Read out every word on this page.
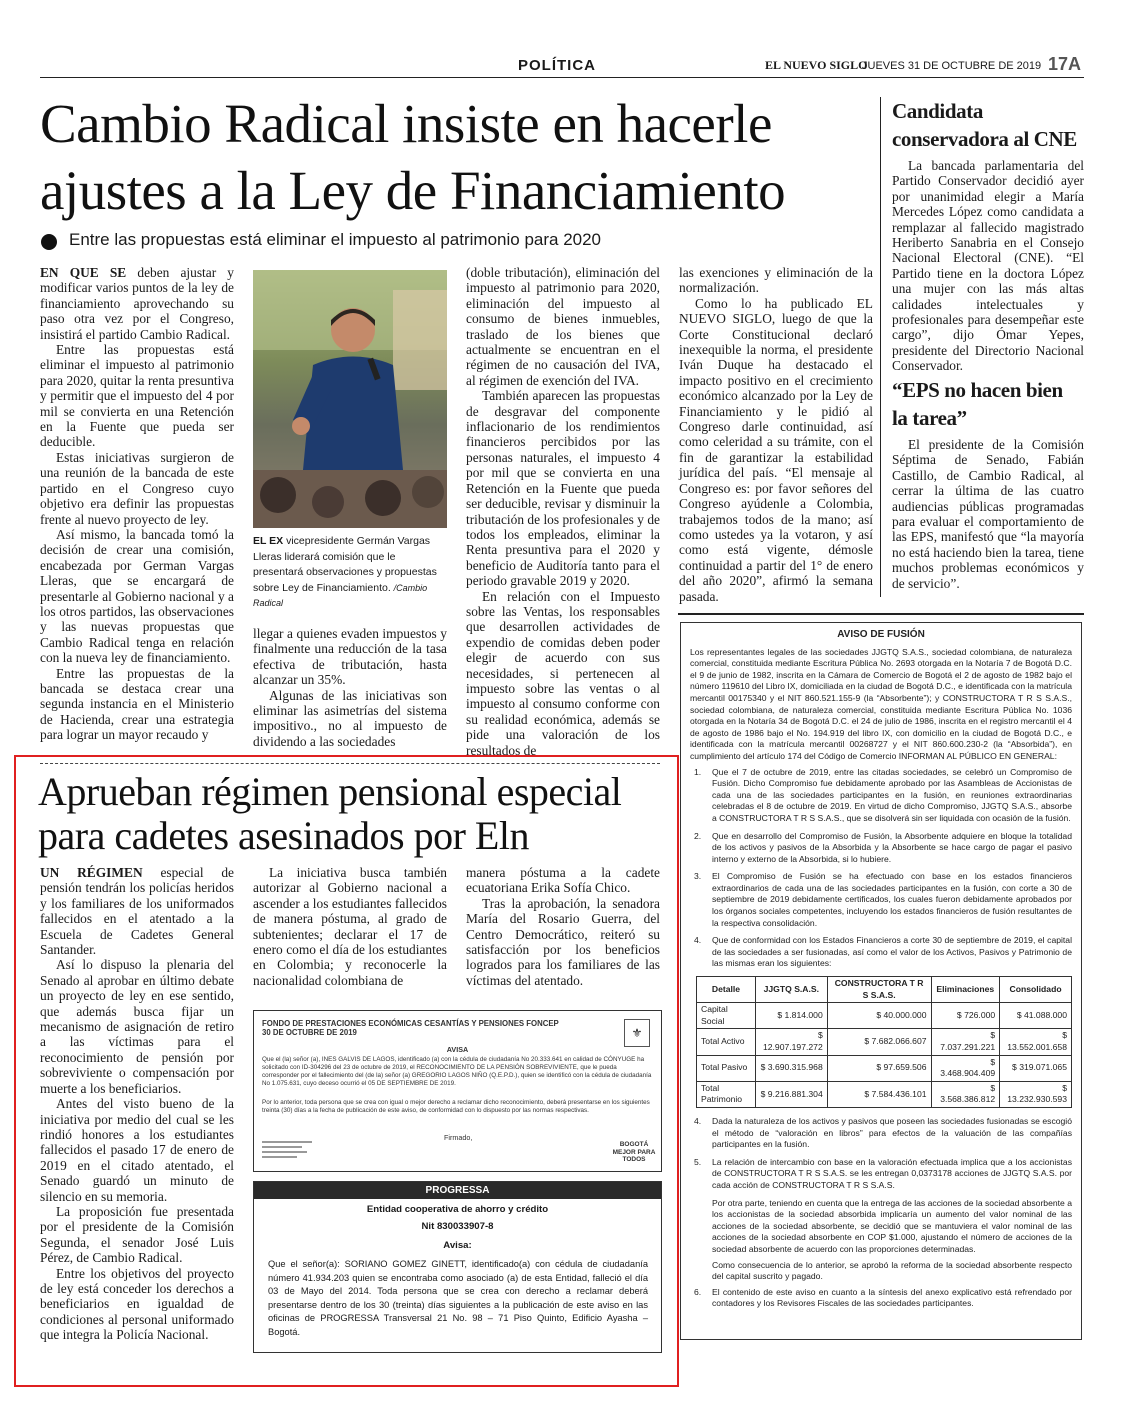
POLÍTICA	EL NUEVO SIGLO
JUEVES 31 DE OCTUBRE DE 2019 17A
Cambio Radical insiste en hacerle ajustes a la Ley de Financiamiento
Entre las propuestas está eliminar el impuesto al patrimonio para 2020

EN QUE SE deben ajustar y modificar varios puntos de la ley de financiamiento aprovechando su paso otra vez por el Congreso, insistirá el partido Cambio Radical.

Entre las propuestas está eliminar el impuesto al patrimonio para 2020, quitar la renta presuntiva y permitir que el impuesto del 4 por mil se convierta en una Retención en la Fuente que pueda ser deducible.

Estas iniciativas surgieron de una reunión de la bancada de este partido en el Congreso cuyo objetivo era definir las propuestas frente al nuevo proyecto de ley.

Así mismo, la bancada tomó la decisión de crear una comisión, encabezada por German Vargas Lleras, que se encargará de presentarle al Gobierno nacional y a los otros partidos, las observaciones y las nuevas propuestas que Cambio Radical tenga en relación con la nueva ley de financiamiento.

Entre las propuestas de la bancada se destaca crear una segunda instancia en el Ministerio de Hacienda, crear una estrategia para lograr un mayor recaudo y

EL EX vicepresidente Germán Vargas Lleras liderará comisión que le presentará observaciones y propuestas sobre Ley de Financiamiento. /Cambio Radical

llegar a quienes evaden impuestos y finalmente una reducción de la tasa efectiva de tributación, hasta alcanzar un 35%.

Algunas de las iniciativas son eliminar las asimetrías del sistema impositivo., no al impuesto de dividendo a las sociedades

(doble tributación), eliminación del impuesto al patrimonio para 2020, eliminación del impuesto al consumo de bienes inmuebles, traslado de los bienes que actualmente se encuentran en el régimen de no causación del IVA, al régimen de exención del IVA.

También aparecen las propuestas de desgravar del componente inflacionario de los rendimientos financieros percibidos por las personas naturales, el impuesto 4 por mil que se convierta en una Retención en la Fuente que pueda ser deducible, revisar y disminuir la tributación de los profesionales y de todos los empleados, eliminar la Renta presuntiva para el 2020 y beneficio de Auditoría tanto para el periodo gravable 2019 y 2020.

En relación con el Impuesto sobre las Ventas, los responsables que desarrollen actividades de expendio de comidas deben poder elegir de acuerdo con sus necesidades, si pertenecen al impuesto sobre las ventas o al impuesto al consumo conforme con su realidad económica, además se pide una valoración de los resultados de

las exenciones y eliminación de la normalización.

Como lo ha publicado EL NUEVO SIGLO, luego de que la Corte Constitucional declaró inexequible la norma, el presidente Iván Duque ha destacado el impacto positivo en el crecimiento económico alcanzado por la Ley de Financiamiento y le pidió al Congreso darle continuidad, así como celeridad a su trámite, con el fin de garantizar la estabilidad jurídica del país. “El mensaje al Congreso es: por favor señores del Congreso ayúdenle a Colombia, trabajemos todos de la mano; así como ustedes ya la votaron, y así como está vigente, démosle continuidad a partir del 1° de enero del año 2020”, afirmó la semana pasada.

Candidata conservadora al CNE

La bancada parlamentaria del Partido Conservador decidió ayer por unanimidad elegir a María Mercedes López como candidata a remplazar al fallecido magistrado Heriberto Sanabria en el Consejo Nacional Electoral (CNE). “El Partido tiene en la doctora López una mujer con las más altas calidades intelectuales y profesionales para desempeñar este cargo”, dijo Ómar Yepes, presidente del Directorio Nacional Conservador.

“EPS no hacen bien la tarea”

El presidente de la Comisión Séptima de Senado, Fabián Castillo, de Cambio Radical, al cerrar la última de las cuatro audiencias públicas programadas para evaluar el comportamiento de las EPS, manifestó que “la mayoría no está haciendo bien la tarea, tiene muchos problemas económicos y de servicio”.

AVISO DE FUSIÓN

Los representantes legales de las sociedades JJGTQ S.A.S., sociedad colombiana, de naturaleza comercial, constituida mediante Escritura Pública No. 2693 otorgada en la Notaría 7 de Bogotá D.C. el 9 de junio de 1982, inscrita en la Cámara de Comercio de Bogotá el 2 de agosto de 1982 bajo el número 119610 del Libro IX, domiciliada en la ciudad de Bogotá D.C., e identificada con la matrícula mercantil 00175340 y el NIT 860.521.155-9 (la “Absorbente”); y CONSTRUCTORA T R S S.A.S., sociedad colombiana, de naturaleza comercial, constituida mediante Escritura Pública No. 1036 otorgada en la Notaría 34 de Bogotá D.C. el 24 de julio de 1986, inscrita en el registro mercantil el 4 de agosto de 1986 bajo el No. 194.919 del libro IX, con domicilio en la ciudad de Bogotá D.C., e identificada con la matrícula mercantil 00268727 y el NIT 860.600.230-2 (la “Absorbida”), en cumplimiento del artículo 174 del Código de Comercio INFORMAN AL PÚBLICO EN GENERAL:

1. Que el 7 de octubre de 2019, entre las citadas sociedades, se celebró un Compromiso de Fusión. Dicho Compromiso fue debidamente aprobado por las Asambleas de Accionistas de cada una de las sociedades participantes en la fusión, en reuniones extraordinarias celebradas el 8 de octubre de 2019. En virtud de dicho Compromiso, JJGTQ S.A.S., absorbe a CONSTRUCTORA T R S S.A.S., que se disolverá sin ser liquidada con ocasión de la fusión.
2. Que en desarrollo del Compromiso de Fusión, la Absorbente adquiere en bloque la totalidad de los activos y pasivos de la Absorbida y la Absorbente se hace cargo de pagar el pasivo interno y externo de la Absorbida, si lo hubiere.
3. El Compromiso de Fusión se ha efectuado con base en los estados financieros extraordinarios de cada una de las sociedades participantes en la fusión, con corte a 30 de septiembre de 2019 debidamente certificados, los cuales fueron debidamente aprobados por los órganos sociales competentes, incluyendo los estados financieros de fusión resultantes de la respectiva consolidación.
4. Que de conformidad con los Estados Financieros a corte 30 de septiembre de 2019, el capital de las sociedades a ser fusionadas, así como el valor de los Activos, Pasivos y Patrimonio de las mismas eran los siguientes:
Detalle	JJGTQ S.A.S.	CONSTRUCTORA T R S S.A.S.	Eliminaciones	Consolidado
Capital Social	$ 1.814.000	$ 40.000.000	$ 726.000	$ 41.088.000
Total Activo	$ 12.907.197.272	$ 7.682.066.607	$ 7.037.291.221	$ 13.552.001.658
Total Pasivo	$ 3.690.315.968	$ 97.659.506	$ 3.468.904.409	$ 319.071.065
Total Patrimonio	$ 9.216.881.304	$ 7.584.436.101	$ 3.568.386.812	$ 13.232.930.593
4. Dada la naturaleza de los activos y pasivos que poseen las sociedades fusionadas se escogió el método de “valoración en libros” para efectos de la valuación de las compañías participantes en la fusión.
5. La relación de intercambio con base en la valoración efectuada implica que a los accionistas de CONSTRUCTORA T R S S.A.S. se les entregan 0,0373178 acciones de JJGTQ S.A.S. por cada acción de CONSTRUCTORA T R S S.A.S.

Por otra parte, teniendo en cuenta que la entrega de las acciones de la sociedad absorbente a los accionistas de la sociedad absorbida implicaría un aumento del valor nominal de las acciones de la sociedad absorbente, se decidió que se mantuviera el valor nominal de las acciones de la sociedad absorbente en COP $1.000, ajustando el número de acciones de la sociedad absorbente de acuerdo con las proporciones determinadas.

Como consecuencia de lo anterior, se aprobó la reforma de la sociedad absorbente respecto del capital suscrito y pagado.

6. El contenido de este aviso en cuanto a la síntesis del anexo explicativo está refrendado por contadores y los Revisores Fiscales de las sociedades participantes.
Aprueban régimen pensional especial para cadetes asesinados por Eln

UN RÉGIMEN especial de pensión tendrán los policías heridos y los familiares de los uniformados fallecidos en el atentado a la Escuela de Cadetes General Santander.

Así lo dispuso la plenaria del Senado al aprobar en último debate un proyecto de ley en ese sentido, que además busca fijar un mecanismo de asignación de retiro a las víctimas para el reconocimiento de pensión por sobreviviente o compensación por muerte a los beneficiarios.

Antes del visto bueno de la iniciativa por medio del cual se les rindió honores a los estudiantes fallecidos el pasado 17 de enero de 2019 en el citado atentado, el Senado guardó un minuto de silencio en su memoria.

La proposición fue presentada por el presidente de la Comisión Segunda, el senador José Luis Pérez, de Cambio Radical.

Entre los objetivos del proyecto de ley está conceder los derechos a beneficiarios en igualdad de condiciones al personal uniformado que integra la Policía Nacional.

La iniciativa busca también autorizar al Gobierno nacional a ascender a los estudiantes fallecidos de manera póstuma, al grado de subtenientes; declarar el 17 de enero como el día de los estudiantes en Colombia; y reconocerle la nacionalidad colombiana de

manera póstuma a la cadete ecuatoriana Erika Sofía Chico.

Tras la aprobación, la senadora María del Rosario Guerra, del Centro Democrático, reiteró su satisfacción por los beneficios logrados para los familiares de las víctimas del atentado.

FONDO DE PRESTACIONES ECONÓMICAS CESANTÍAS Y PENSIONES FONCEP
30 DE OCTUBRE DE 2019	⚜
AVISA
Que el (la) señor (a), INES GALVIS DE LAGOS, identificado (a) con la cédula de ciudadanía No 20.333.641 en calidad de CÓNYUGE ha solicitado con ID-304296 del 23 de octubre de 2019, el RECONOCIMIENTO DE LA PENSIÓN SOBREVIVIENTE, que le pueda corresponder por el fallecimiento del (de la) señor (a) GREGORIO LAGOS NIÑO (Q.E.P.D.), quien se identificó con la cédula de ciudadanía No 1.075.631, cuyo deceso ocurrió el 05 DE SEPTIEMBRE DE 2019.
Por lo anterior, toda persona que se crea con igual o mejor derecho a reclamar dicho reconocimiento, deberá presentarse en los siguientes treinta (30) días a la fecha de publicación de este aviso, de conformidad con lo dispuesto por las normas respectivas.
Firmado,
BOGOTÁ MEJOR PARA TODOS
PROGRESSA
Entidad cooperativa de ahorro y crédito
Nit 830033907-8
Avisa:
Que el señor(a): SORIANO GOMEZ GINETT, identificado(a) con cédula de ciudadanía número 41.934.203 quien se encontraba como asociado (a) de esta Entidad, falleció el día 03 de Mayo del 2014. Toda persona que se crea con derecho a reclamar deberá presentarse dentro de los 30 (treinta) días siguientes a la publicación de este aviso en las oficinas de PROGRESSA Transversal 21 No. 98 – 71 Piso Quinto, Edificio Ayasha – Bogotá.
